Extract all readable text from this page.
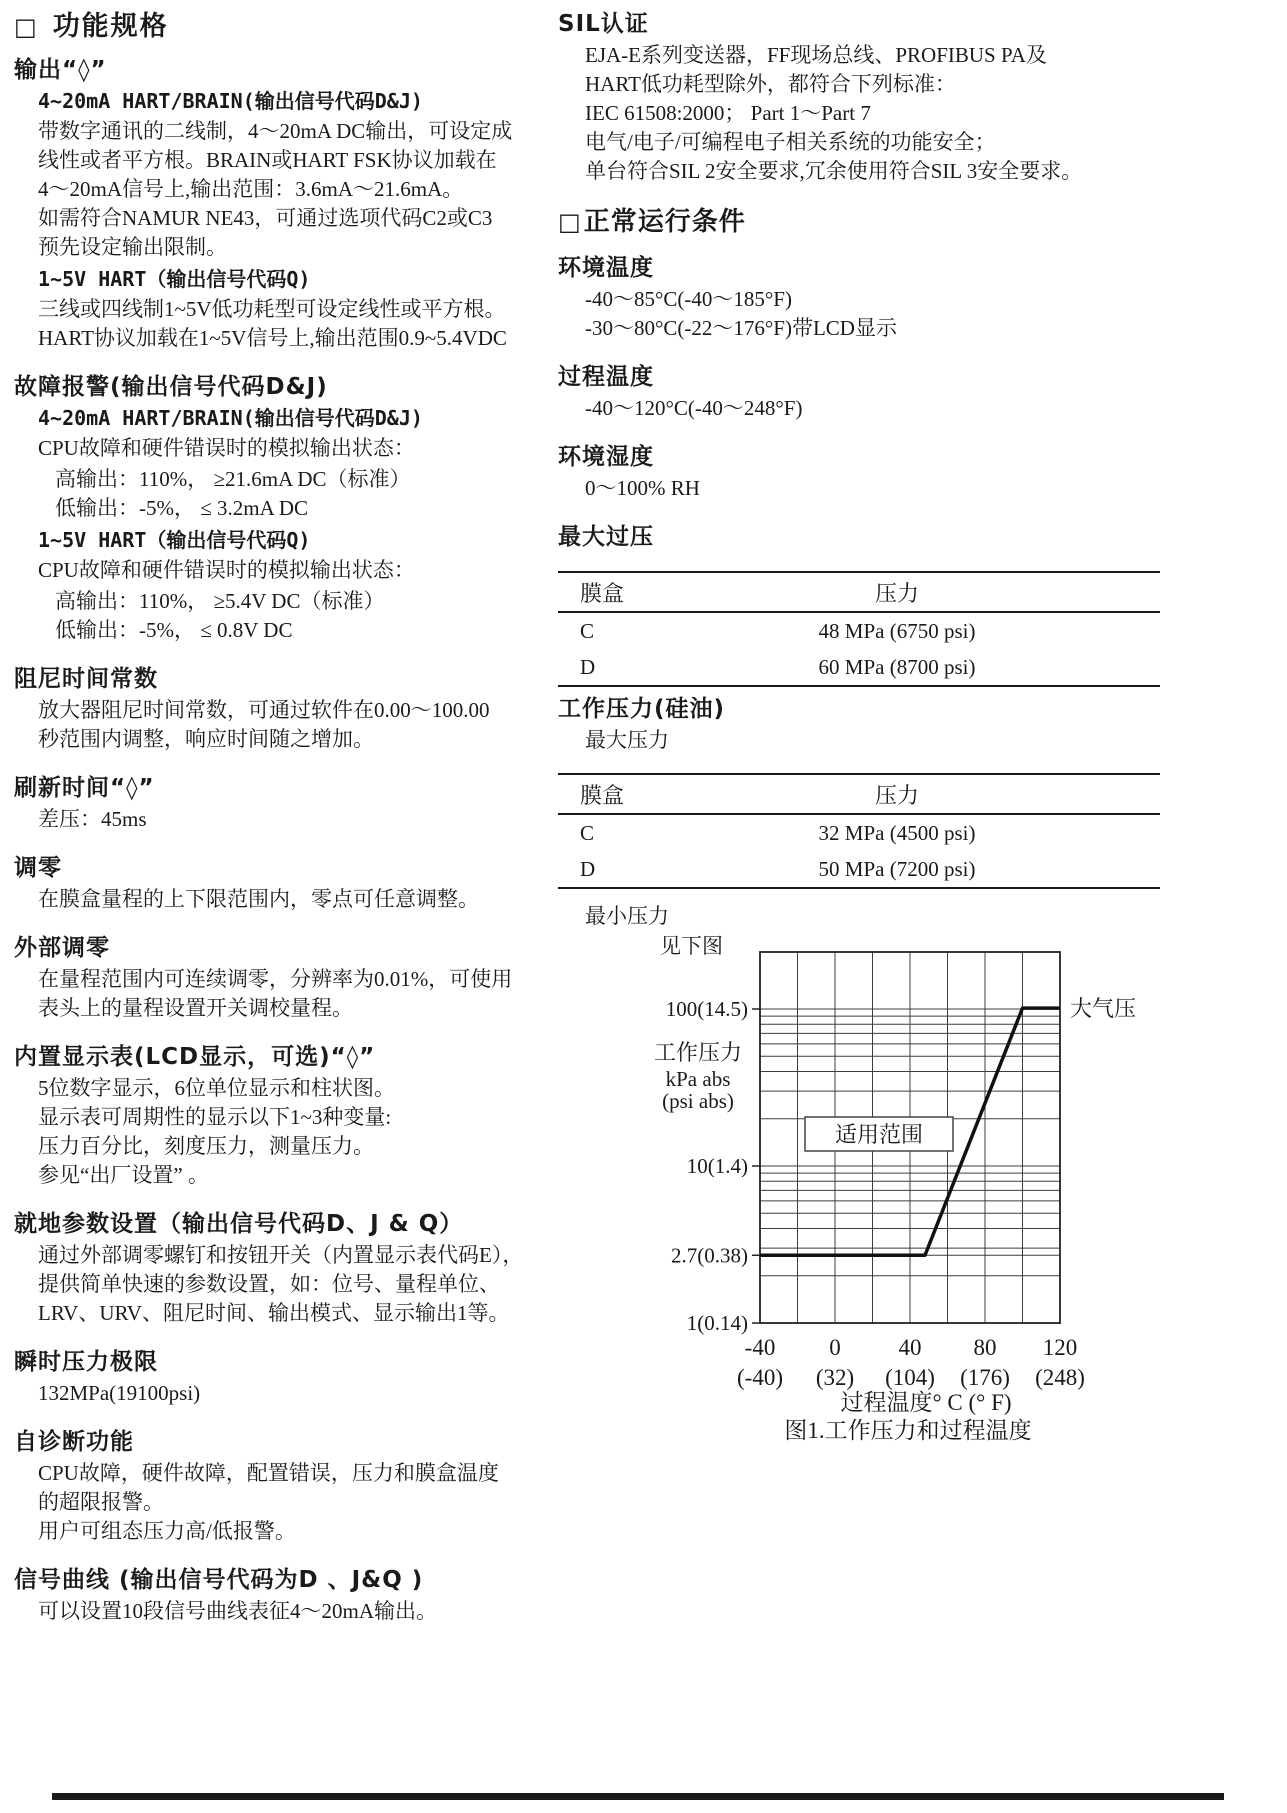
□ 功能规格
输出“◊”
4~20mA HART/BRAIN(输出信号代码D&J)
带数字通讯的二线制，4～20mA DC输出，可设定成
线性或者平方根。BRAIN或HART FSK协议加载在
4～20mA信号上,输出范围：3.6mA～21.6mA。
如需符合NAMUR NE43，可通过选项代码C2或C3
预先设定输出限制。
1~5V HART（输出信号代码Q)
三线或四线制1~5V低功耗型可设定线性或平方根。
HART协议加载在1~5V信号上,输出范围0.9~5.4VDC
故障报警(输出信号代码D&J)
4~20mA HART/BRAIN(输出信号代码D&J)
CPU故障和硬件错误时的模拟输出状态：
高输出：110%， ≥21.6mA DC（标准）
低输出：-5%， ≤ 3.2mA DC
1~5V HART（输出信号代码Q)
CPU故障和硬件错误时的模拟输出状态：
高输出：110%， ≥5.4V DC（标准）
低输出：-5%， ≤ 0.8V DC
阻尼时间常数
放大器阻尼时间常数，可通过软件在0.00～100.00
秒范围内调整，响应时间随之增加。
刷新时间“◊”
差压：45ms
调零
在膜盒量程的上下限范围内，零点可任意调整。
外部调零
在量程范围内可连续调零，分辨率为0.01%，可使用
表头上的量程设置开关调校量程。
内置显示表(LCD显示，可选)“◊”
5位数字显示，6位单位显示和柱状图。
显示表可周期性的显示以下1~3种变量:
压力百分比，刻度压力，测量压力。
参见“出厂设置” 。
就地参数设置（输出信号代码D、J & Q）
通过外部调零螺钉和按钮开关（内置显示表代码E），
提供简单快速的参数设置，如：位号、量程单位、
LRV、URV、阻尼时间、输出模式、显示输出1等。
瞬时压力极限
132MPa(19100psi)
自诊断功能
CPU故障，硬件故障，配置错误，压力和膜盒温度
的超限报警。
用户可组态压力高/低报警。
信号曲线 (输出信号代码为D 、J&Q )
可以设置10段信号曲线表征4～20mA输出。
SIL认证
EJA-E系列变送器，FF现场总线、PROFIBUS PA及
HART低功耗型除外，都符合下列标准：
IEC 61508:2000； Part 1～Part 7
电气/电子/可编程电子相关系统的功能安全；
单台符合SIL 2安全要求,冗余使用符合SIL 3安全要求。
□正常运行条件
环境温度
-40～85°C(-40～185°F)
-30～80°C(-22～176°F)带LCD显示
过程温度
-40～120°C(-40～248°F)
环境湿度
0～100% RH
最大过压
膜盒	压力	
C	48 MPa (6750 psi)	
D	60 MPa (8700 psi)	
工作压力(硅油)
最大压力
膜盒	压力	
C	32 MPa (4500 psi)	
D	50 MPa (7200 psi)	
最小压力
见下图
100(14.5)
10(1.4)
2.7(0.38)
1(0.14)
工作压力
kPa abs
(psi abs)
适用范围
大气压
-40
(-40)
0
(32)
40
(104)
80
(176)
120
(248)
过程温度° C (° F)
图1.工作压力和过程温度
